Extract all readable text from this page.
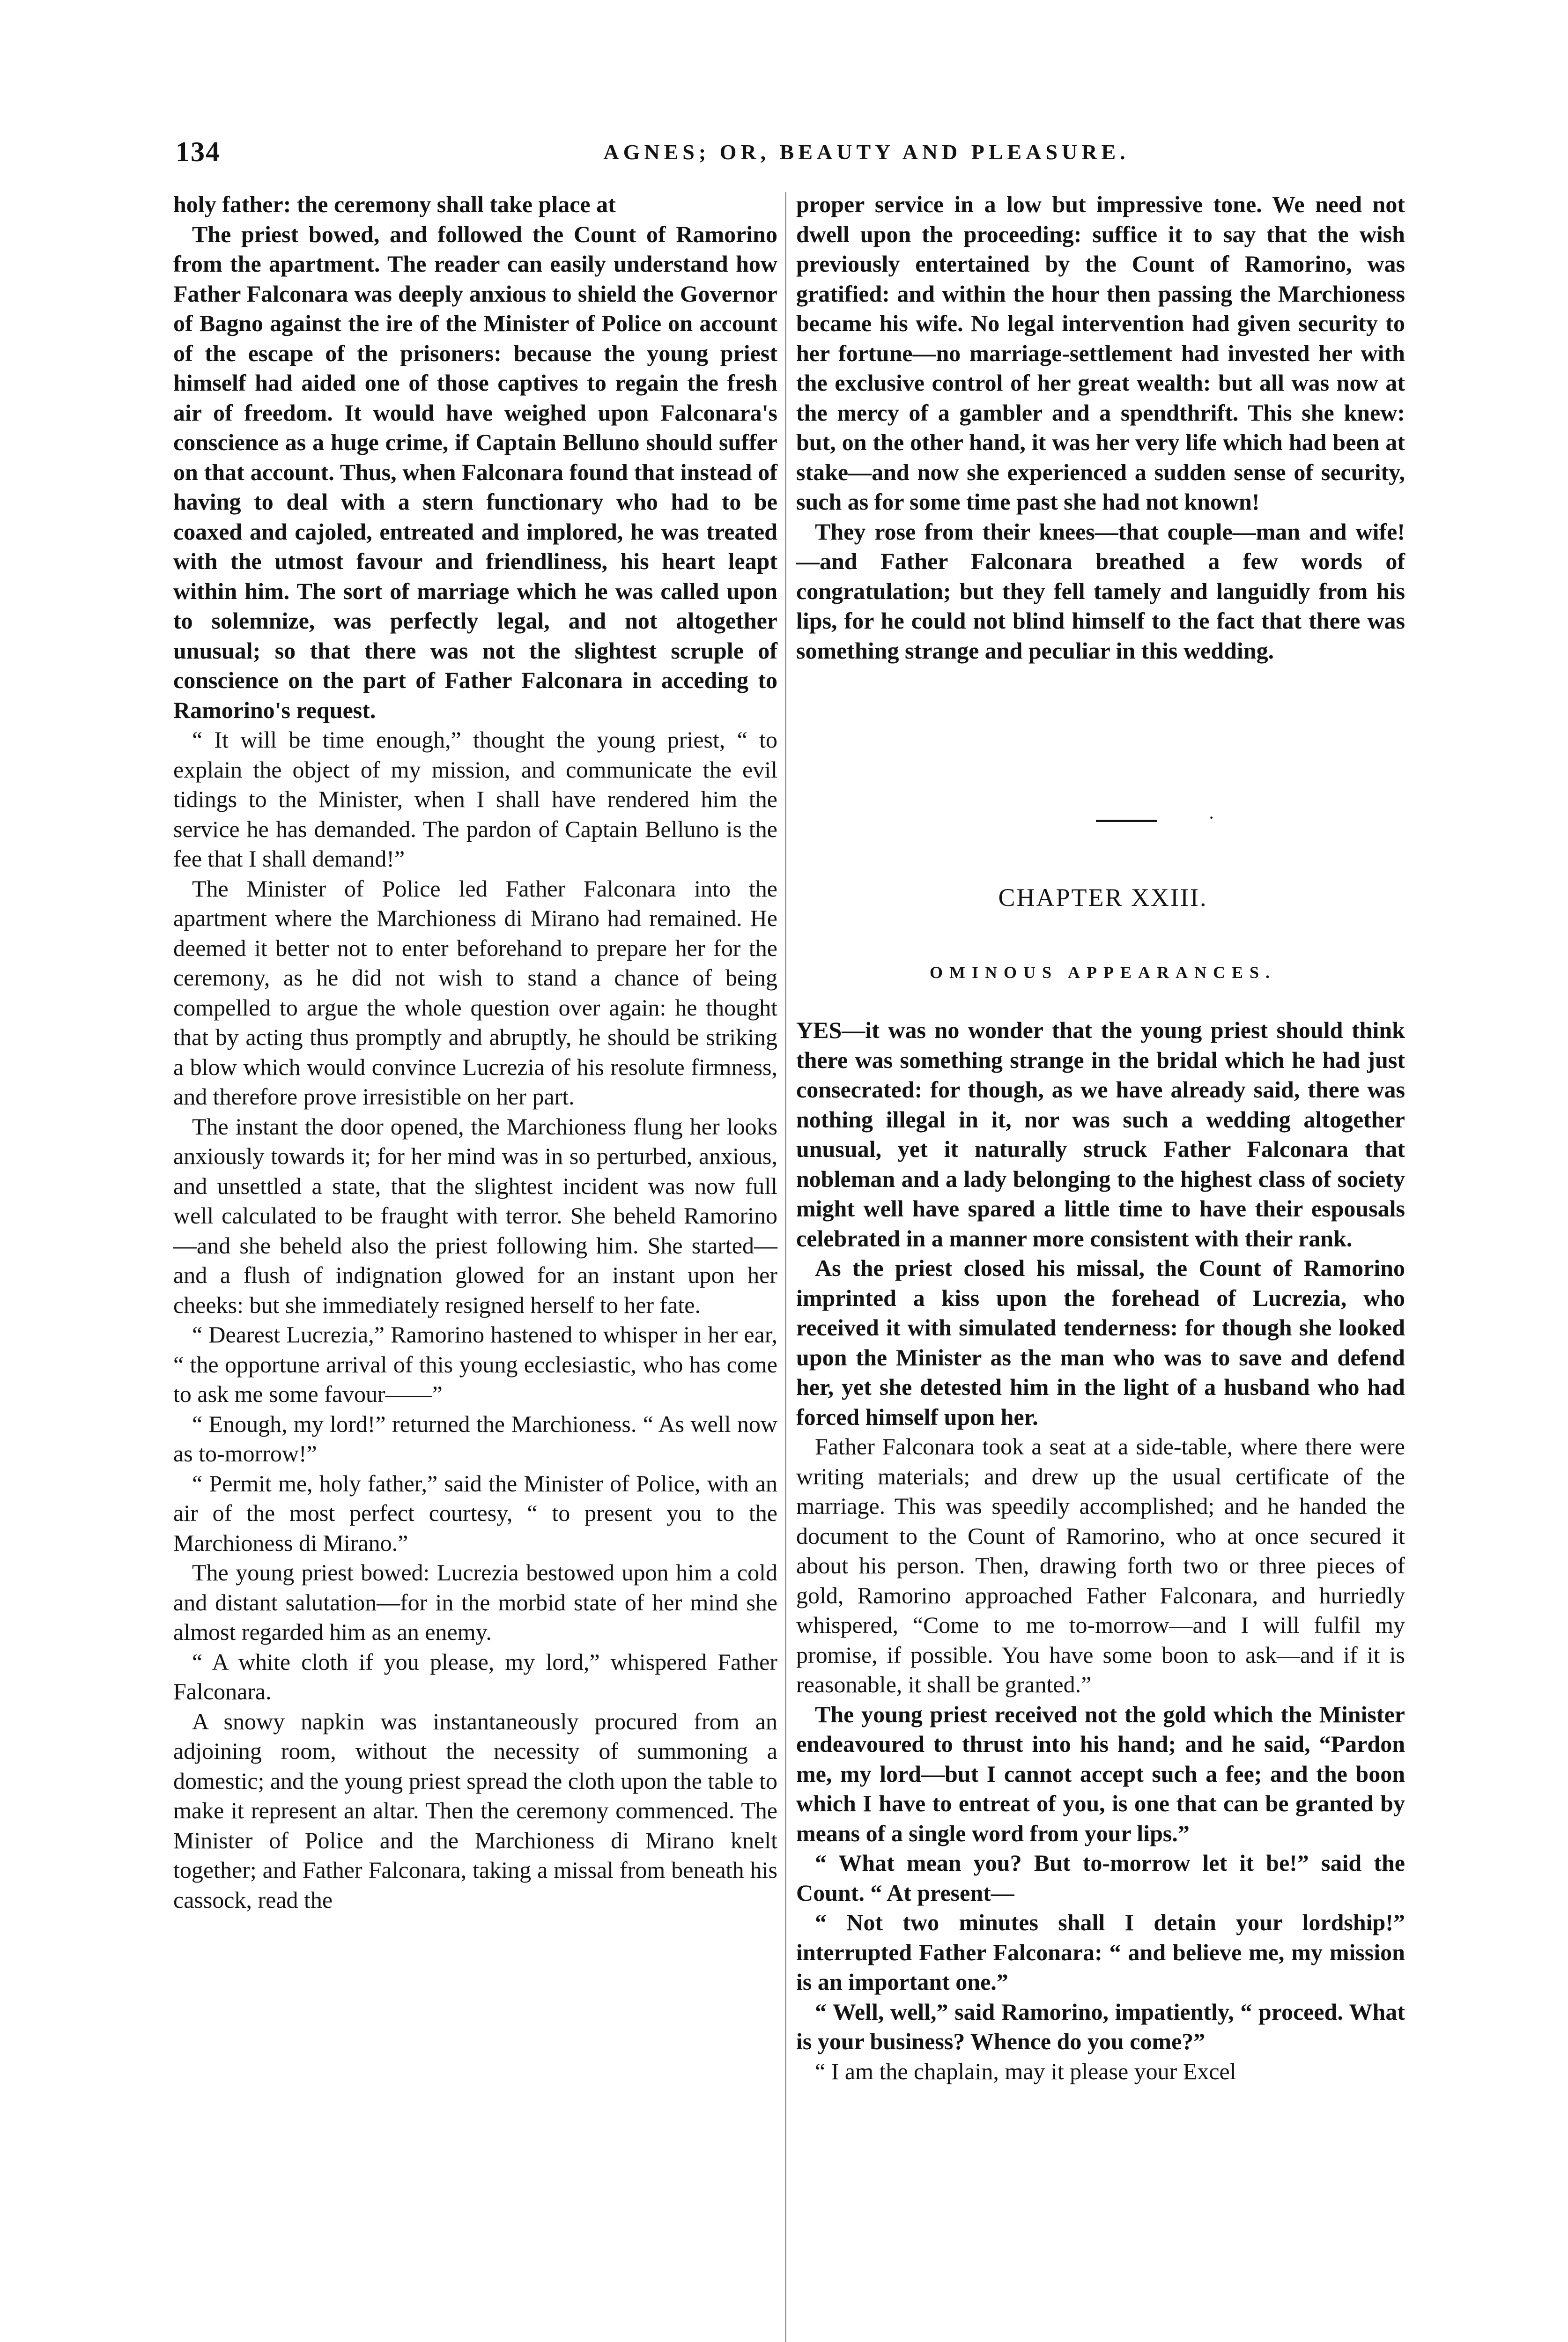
134	AGNES; OR, BEAUTY AND PLEASURE.

holy father: the ceremony shall take place at

The priest bowed, and followed the Count of Ramorino from the apartment. The reader can easily understand how Father Falconara was deeply anxious to shield the Governor of Bagno against the ire of the Minister of Police on account of the escape of the prisoners: because the young priest himself had aided one of those captives to regain the fresh air of freedom. It would have weighed upon Falconara's conscience as a huge crime, if Captain Belluno should suffer on that account. Thus, when Falconara found that instead of having to deal with a stern functionary who had to be coaxed and cajoled, entreated and implored, he was treated with the utmost favour and friendliness, his heart leapt within him. The sort of marriage which he was called upon to solemnize, was perfectly legal, and not altogether unusual; so that there was not the slightest scruple of conscience on the part of Father Falconara in acceding to Ramorino's request.

“ It will be time enough,” thought the young priest, “ to explain the object of my mission, and communicate the evil tidings to the Minister, when I shall have rendered him the service he has demanded. The pardon of Captain Belluno is the fee that I shall demand!”

The Minister of Police led Father Falconara into the apartment where the Marchioness di Mirano had remained. He deemed it better not to enter beforehand to prepare her for the ceremony, as he did not wish to stand a chance of being compelled to argue the whole question over again: he thought that by acting thus promptly and abruptly, he should be striking a blow which would convince Lucrezia of his resolute firmness, and therefore prove irresistible on her part.

The instant the door opened, the Marchioness flung her looks anxiously towards it; for her mind was in so perturbed, anxious, and unsettled a state, that the slightest incident was now full well calculated to be fraught with terror. She beheld Ramorino—and she beheld also the priest following him. She started—and a flush of indignation glowed for an instant upon her cheeks: but she immediately resigned herself to her fate.

“ Dearest Lucrezia,” Ramorino hastened to whisper in her ear, “ the opportune arrival of this young ecclesiastic, who has come to ask me some favour——”

“ Enough, my lord!” returned the Marchioness. “ As well now as to-morrow!”

“ Permit me, holy father,” said the Minister of Police, with an air of the most perfect courtesy, “ to present you to the Marchioness di Mirano.”

The young priest bowed: Lucrezia bestowed upon him a cold and distant salutation—for in the morbid state of her mind she almost regarded him as an enemy.

“ A white cloth if you please, my lord,” whispered Father Falconara.

A snowy napkin was instantaneously procured from an adjoining room, without the necessity of summoning a domestic; and the young priest spread the cloth upon the table to make it represent an altar. Then the ceremony commenced. The Minister of Police and the Marchioness di Mirano knelt together; and Father Falconara, taking a missal from beneath his cassock, read the

proper service in a low but impressive tone. We need not dwell upon the proceeding: suffice it to say that the wish previously entertained by the Count of Ramorino, was gratified: and within the hour then passing the Marchioness became his wife. No legal intervention had given security to her fortune—no marriage-settlement had invested her with the exclusive control of her great wealth: but all was now at the mercy of a gambler and a spendthrift. This she knew: but, on the other hand, it was her very life which had been at stake—and now she experienced a sudden sense of security, such as for some time past she had not known!

They rose from their knees—that couple—man and wife!—and Father Falconara breathed a few words of congratulation; but they fell tamely and languidly from his lips, for he could not blind himself to the fact that there was something strange and peculiar in this wedding.

·
CHAPTER XXIII.
OMINOUS APPEARANCES.

YES—it was no wonder that the young priest should think there was something strange in the bridal which he had just consecrated: for though, as we have already said, there was nothing illegal in it, nor was such a wedding altogether unusual, yet it naturally struck Father Falconara that nobleman and a lady belonging to the highest class of society might well have spared a little time to have their espousals celebrated in a manner more consistent with their rank.

As the priest closed his missal, the Count of Ramorino imprinted a kiss upon the forehead of Lucrezia, who received it with simulated tenderness: for though she looked upon the Minister as the man who was to save and defend her, yet she detested him in the light of a husband who had forced himself upon her.

Father Falconara took a seat at a side-table, where there were writing materials; and drew up the usual certificate of the marriage. This was speedily accomplished; and he handed the document to the Count of Ramorino, who at once secured it about his person. Then, drawing forth two or three pieces of gold, Ramorino approached Father Falconara, and hurriedly whispered, “Come to me to-morrow—and I will fulfil my promise, if possible. You have some boon to ask—and if it is reasonable, it shall be granted.”

The young priest received not the gold which the Minister endeavoured to thrust into his hand; and he said, “Pardon me, my lord—but I cannot accept such a fee; and the boon which I have to entreat of you, is one that can be granted by means of a single word from your lips.”

“ What mean you? But to-morrow let it be!” said the Count. “ At present—

“ Not two minutes shall I detain your lordship!” interrupted Father Falconara: “ and believe me, my mission is an important one.”

“ Well, well,” said Ramorino, impatiently, “ proceed. What is your business? Whence do you come?”

“ I am the chaplain, may it please your Excel
